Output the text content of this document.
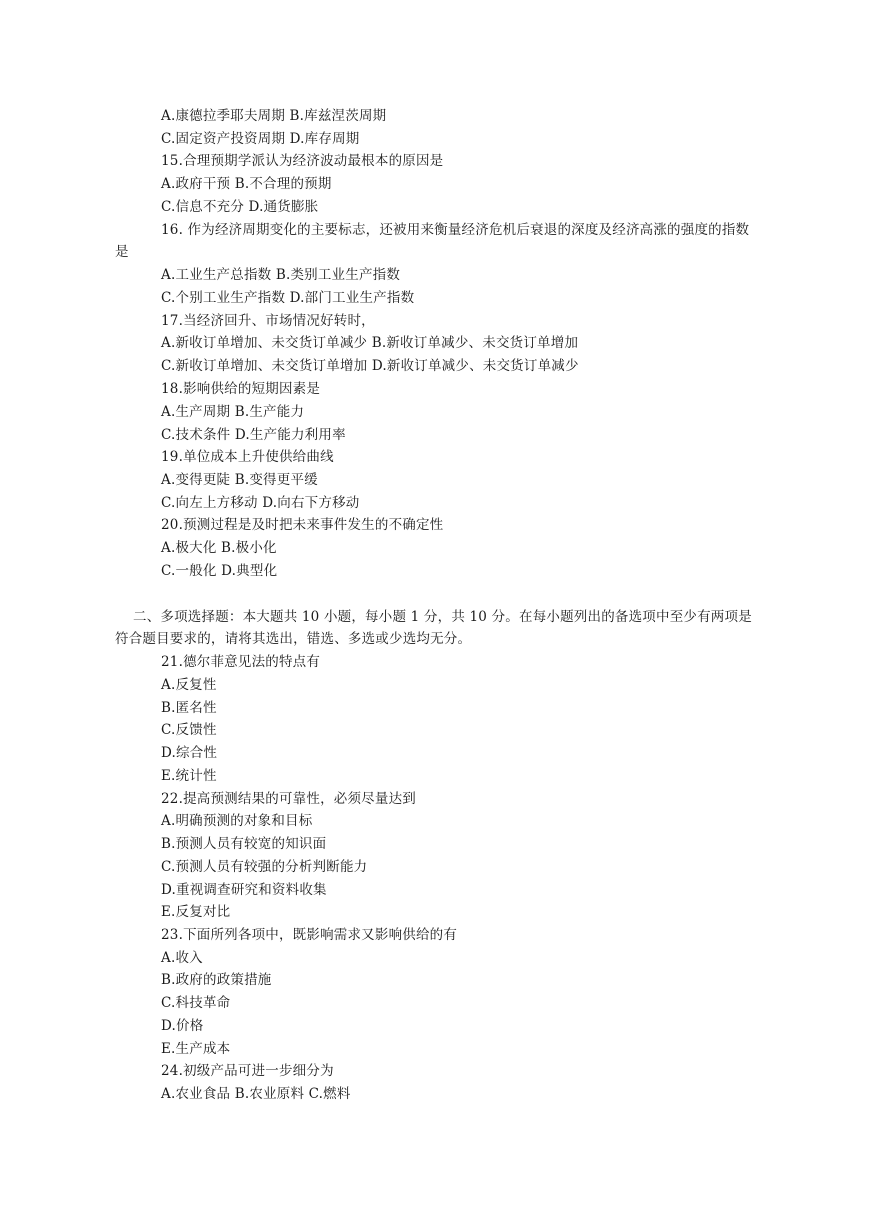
A.康德拉季耶夫周期 B.库兹涅茨周期
C.固定资产投资周期 D.库存周期
15.合理预期学派认为经济波动最根本的原因是
A.政府干预 B.不合理的预期
C.信息不充分 D.通货膨胀
16. 作为经济周期变化的主要标志，还被用来衡量经济危机后衰退的深度及经济高涨的强度的指数是
A.工业生产总指数 B.类别工业生产指数
C.个别工业生产指数 D.部门工业生产指数
17.当经济回升、市场情况好转时，
A.新收订单增加、未交货订单减少 B.新收订单减少、未交货订单增加
C.新收订单增加、未交货订单增加 D.新收订单减少、未交货订单减少
18.影响供给的短期因素是
A.生产周期 B.生产能力
C.技术条件 D.生产能力利用率
19.单位成本上升使供给曲线
A.变得更陡 B.变得更平缓
C.向左上方移动 D.向右下方移动
20.预测过程是及时把未来事件发生的不确定性
A.极大化 B.极小化
C.一般化 D.典型化
二、多项选择题：本大题共 10 小题，每小题 1 分，共 10 分。在每小题列出的备选项中至少有两项是符合题目要求的，请将其选出，错选、多选或少选均无分。
21.德尔菲意见法的特点有
A.反复性
B.匿名性
C.反馈性
D.综合性
E.统计性
22.提高预测结果的可靠性，必须尽量达到
A.明确预测的对象和目标
B.预测人员有较宽的知识面
C.预测人员有较强的分析判断能力
D.重视调查研究和资料收集
E.反复对比
23.下面所列各项中，既影响需求又影响供给的有
A.收入
B.政府的政策措施
C.科技革命
D.价格
E.生产成本
24.初级产品可进一步细分为
A.农业食品 B.农业原料 C.燃料
